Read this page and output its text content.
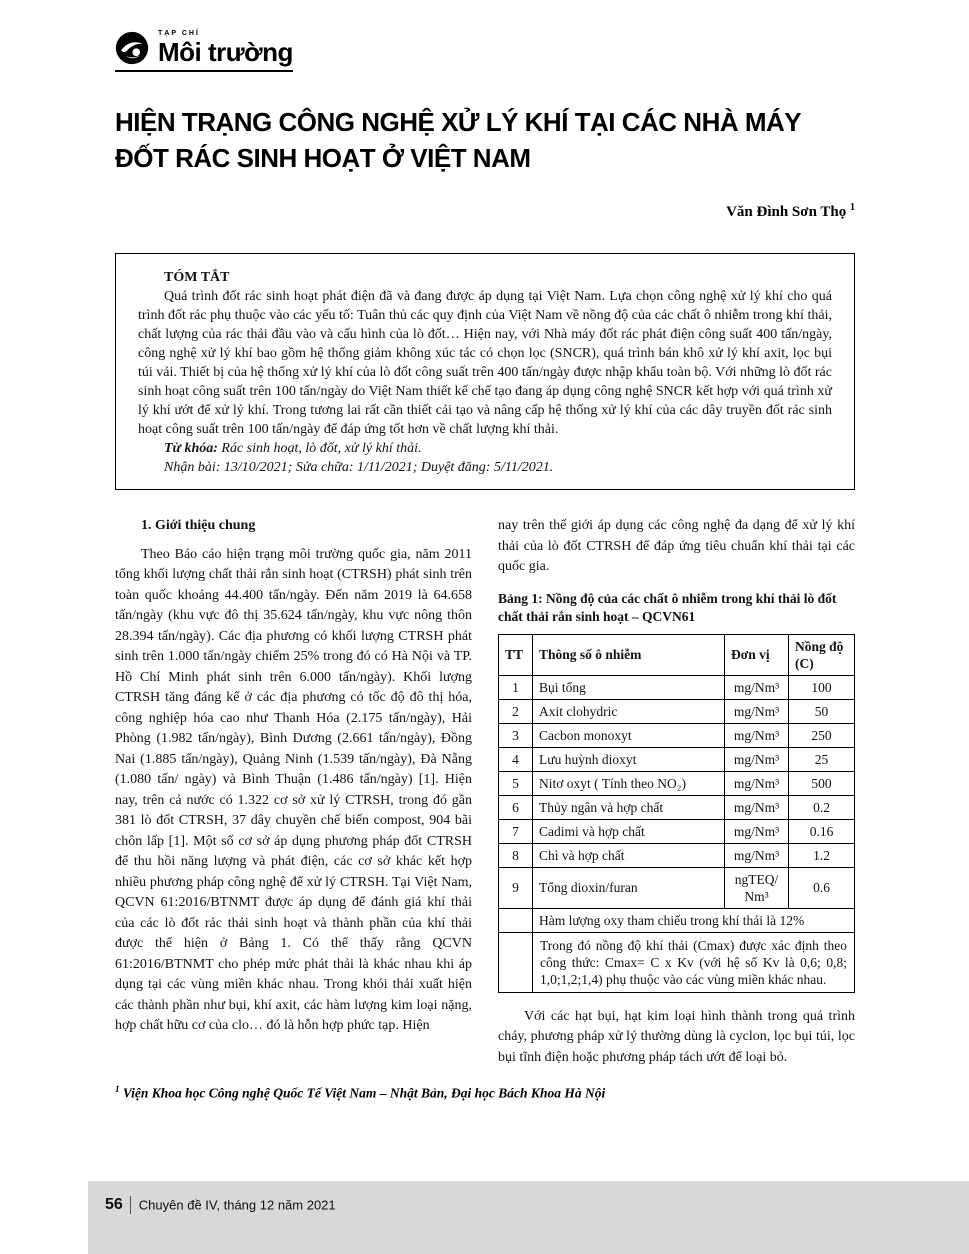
TẠP CHÍ
Môi trường
HIỆN TRẠNG CÔNG NGHỆ XỬ LÝ KHÍ TẠI CÁC NHÀ MÁY
ĐỐT RÁC SINH HOẠT Ở VIỆT NAM
Văn Đình Sơn Thọ $^1$

TÓM TẮT

Quá trình đốt rác sinh hoạt phát điện đã và đang được áp dụng tại Việt Nam. Lựa chọn công nghệ xử lý khí cho quá trình đốt rác phụ thuộc vào các yếu tố: Tuân thủ các quy định của Việt Nam về nồng độ của các chất ô nhiễm trong khí thải, chất lượng của rác thải đầu vào và cấu hình của lò đốt… Hiện nay, với Nhà máy đốt rác phát điện công suất 400 tấn/ngày, công nghệ xử lý khí bao gồm hệ thống giảm không xúc tác có chọn lọc (SNCR), quá trình bán khô xử lý khí axit, lọc bụi túi vải. Thiết bị của hệ thống xử lý khí của lò đốt công suất trên 400 tấn/ngày được nhập khẩu toàn bộ. Với những lò đốt rác sinh hoạt công suất trên 100 tấn/ngày do Việt Nam thiết kế chế tạo đang áp dụng công nghệ SNCR kết hợp với quá trình xử lý khí ướt để xử lý khí. Trong tương lai rất cần thiết cải tạo và nâng cấp hệ thống xử lý khí của các dây truyền đốt rác sinh hoạt công suất trên 100 tấn/ngày để đáp ứng tốt hơn về chất lượng khí thải.

Từ khóa: Rác sinh hoạt, lò đốt, xử lý khí thải.

Nhận bài: 13/10/2021; Sửa chữa: 1/11/2021; Duyệt đăng: 5/11/2021.

1. Giới thiệu chung

Theo Báo cáo hiện trạng môi trường quốc gia, năm 2011 tổng khối lượng chất thải rắn sinh hoạt (CTRSH) phát sinh trên toàn quốc khoảng 44.400 tấn/ngày. Đến năm 2019 là 64.658 tấn/ngày (khu vực đô thị 35.624 tấn/ngày, khu vực nông thôn 28.394 tấn/ngày). Các địa phương có khối lượng CTRSH phát sinh trên 1.000 tấn/ngày chiếm 25% trong đó có Hà Nội và TP. Hồ Chí Minh phát sinh trên 6.000 tấn/ngày). Khối lượng CTRSH tăng đáng kể ở các địa phương có tốc độ đô thị hóa, công nghiệp hóa cao như Thanh Hóa (2.175 tấn/ngày), Hải Phòng (1.982 tấn/ngày), Bình Dương (2.661 tấn/ngày), Đồng Nai (1.885 tấn/ngày), Quảng Ninh (1.539 tấn/ngày), Đà Nẵng (1.080 tấn/ ngày) và Bình Thuận (1.486 tấn/ngày) [1]. Hiện nay, trên cả nước có 1.322 cơ sở xử lý CTRSH, trong đó gần 381 lò đốt CTRSH, 37 dây chuyền chế biến compost, 904 bãi chôn lấp [1]. Một số cơ sở áp dụng phương pháp đốt CTRSH để thu hồi năng lượng và phát điện, các cơ sở khác kết hợp nhiều phương pháp công nghệ để xử lý CTRSH. Tại Việt Nam, QCVN 61:2016/BTNMT được áp dụng để đánh giá khí thải của các lò đốt rác thải sinh hoạt và thành phần của khí thải được thể hiện ở Bảng 1. Có thể thấy rằng QCVN 61:2016/BTNMT cho phép mức phát thải là khác nhau khi áp dụng tại các vùng miền khác nhau. Trong khói thải xuất hiện các thành phần như bụi, khí axit, các hàm lượng kim loại nặng, hợp chất hữu cơ của clo… đó là hỗn hợp phức tạp. Hiện

nay trên thế giới áp dụng các công nghệ đa dạng để xử lý khí thải của lò đốt CTRSH để đáp ứng tiêu chuẩn khí thải tại các quốc gia.

Bảng 1: Nồng độ của các chất ô nhiễm trong khí thải lò đốt chất thải rắn sinh hoạt – QCVN61

TT	Thông số ô nhiễm	Đơn vị	Nồng độ (C)
1	Bụi tổng	mg/Nm³	100
2	Axit clohydric	mg/Nm³	50
3	Cacbon monoxyt	mg/Nm³	250
4	Lưu huỳnh dioxyt	mg/Nm³	25
5	Nitơ oxyt ( Tính theo NO₂)	mg/Nm³	500
6	Thủy ngân và hợp chất	mg/Nm³	0.2
7	Cadimi và hợp chất	mg/Nm³	0.16
8	Chì và hợp chất	mg/Nm³	1.2
9	Tổng dioxin/furan	ngTEQ/ Nm³	0.6
	Hàm lượng oxy tham chiếu trong khí thải là 12%		
	Trong đó nồng độ khí thải (Cmax) được xác định theo công thức: Cmax= C x Kv (với hệ số Kv là 0,6; 0,8; 1,0;1,2;1,4) phụ thuộc vào các vùng miền khác nhau.		

Với các hạt bụi, hạt kim loại hình thành trong quá trình cháy, phương pháp xử lý thường dùng là cyclon, lọc bụi túi, lọc bụi tĩnh điện hoặc phương pháp tách ướt để loại bỏ.

$^1$ Viện Khoa học Công nghệ Quốc Tế Việt Nam – Nhật Bản, Đại học Bách Khoa Hà Nội
56 Chuyên đề IV, tháng 12 năm 2021
